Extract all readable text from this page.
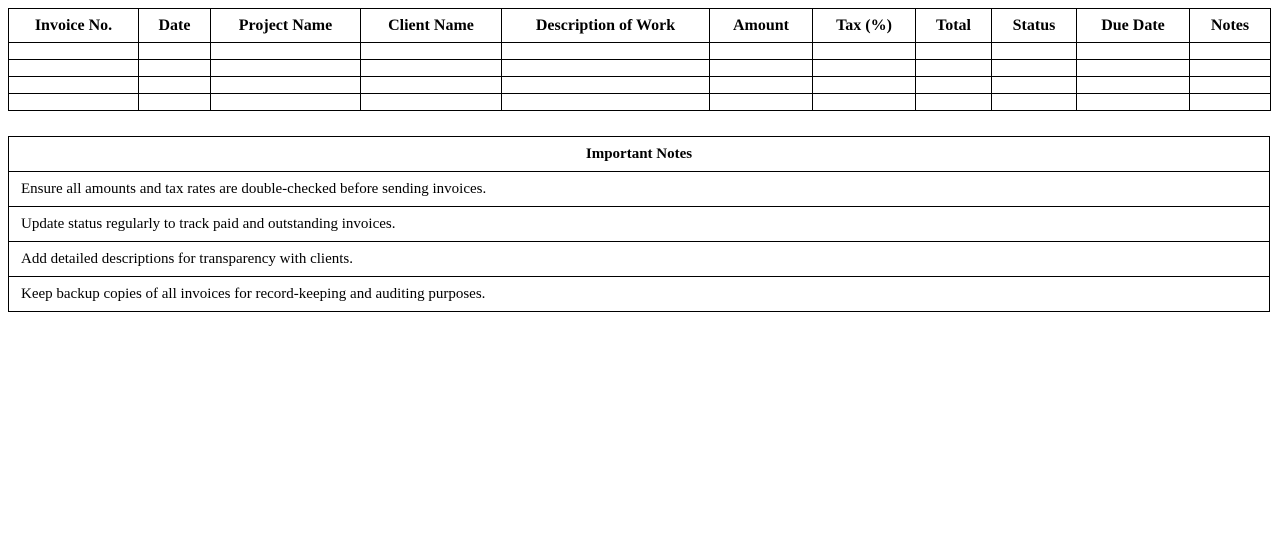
Invoice No.	Date	Project Name	Client Name	Description of Work	Amount	Tax (%)	Total	Status	Due Date	Notes

Important Notes
Ensure all amounts and tax rates are double-checked before sending invoices.
Update status regularly to track paid and outstanding invoices.
Add detailed descriptions for transparency with clients.
Keep backup copies of all invoices for record-keeping and auditing purposes.
